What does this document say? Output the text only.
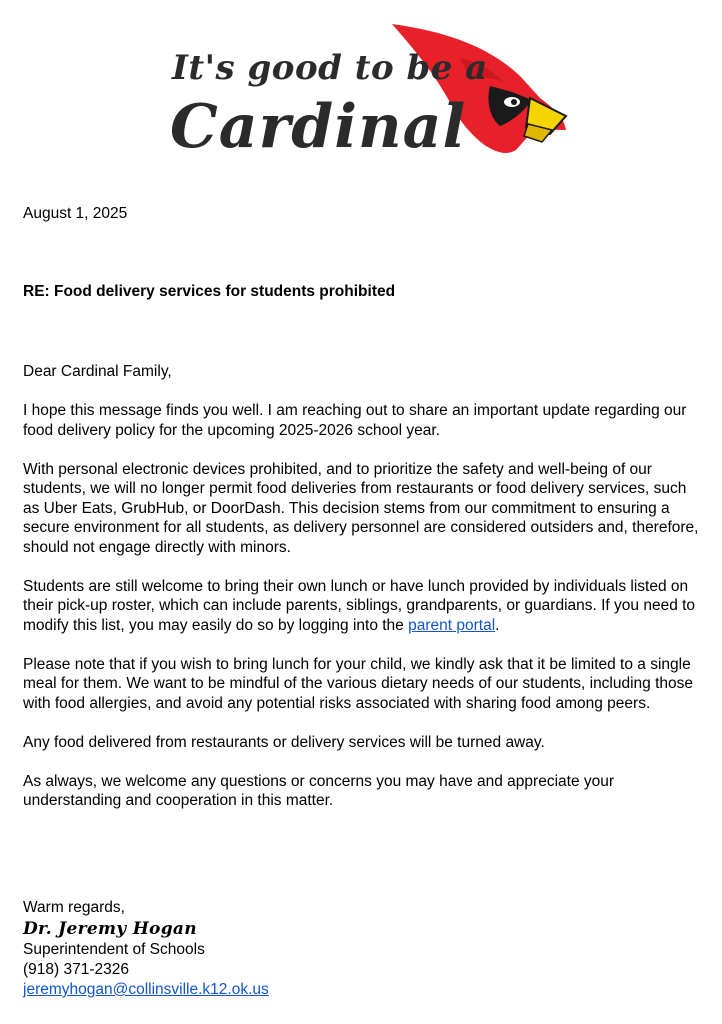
It's good to be a
Cardinal
August 1, 2025
RE: Food delivery services for students prohibited

Dear Cardinal Family,

I hope this message finds you well. I am reaching out to share an important update regarding our food delivery policy for the upcoming 2025-2026 school year.

With personal electronic devices prohibited, and to prioritize the safety and well-being of our students, we will no longer permit food deliveries from restaurants or food delivery services, such as Uber Eats, GrubHub, or DoorDash. This decision stems from our commitment to ensuring a secure environment for all students, as delivery personnel are considered outsiders and, therefore, should not engage directly with minors.

Students are still welcome to bring their own lunch or have lunch provided by individuals listed on their pick-up roster, which can include parents, siblings, grandparents, or guardians. If you need to modify this list, you may easily do so by logging into the parent portal.

Please note that if you wish to bring lunch for your child, we kindly ask that it be limited to a single meal for them. We want to be mindful of the various dietary needs of our students, including those with food allergies, and avoid any potential risks associated with sharing food among peers.

Any food delivered from restaurants or delivery services will be turned away.

As always, we welcome any questions or concerns you may have and appreciate your understanding and cooperation in this matter.

Warm regards,
Dr. Jeremy Hogan
Superintendent of Schools
(918) 371-2326
jeremyhogan@collinsville.k12.ok.us
